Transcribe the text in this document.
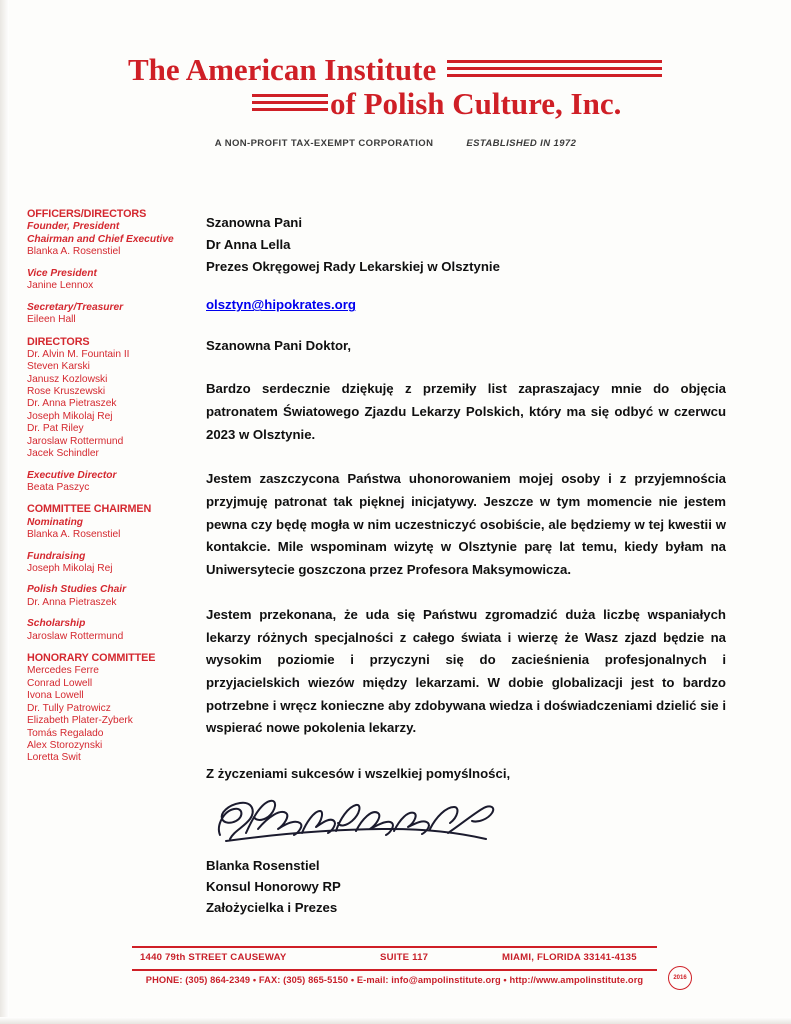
The American Institute
of Polish Culture, Inc.
A NON-PROFIT TAX-EXEMPT CORPORATION	ESTABLISHED IN 1972
OFFICERS/DIRECTORS
Founder, President
Chairman and Chief Executive
Blanka A. Rosenstiel
Vice President
Janine Lennox
Secretary/Treasurer
Eileen Hall
DIRECTORS
Dr. Alvin M. Fountain II
Steven Karski
Janusz Kozlowski
Rose Kruszewski
Dr. Anna Pietraszek
Joseph Mikolaj Rej
Dr. Pat Riley
Jaroslaw Rottermund
Jacek Schindler
Executive Director
Beata Paszyc
COMMITTEE CHAIRMEN
Nominating
Blanka A. Rosenstiel
Fundraising
Joseph Mikolaj Rej
Polish Studies Chair
Dr. Anna Pietraszek
Scholarship
Jaroslaw Rottermund
HONORARY COMMITTEE
Mercedes Ferre
Conrad Lowell
Ivona Lowell
Dr. Tully Patrowicz
Elizabeth Plater-Zyberk
Tomás Regalado
Alex Storozynski
Loretta Swit
Szanowna Pani
Dr Anna Lella
Prezes Okręgowej Rady Lekarskiej w Olsztynie
olsztyn@hipokrates.org
Szanowna Pani Doktor,

Bardzo serdecznie dziękuję z przemiły list zapraszajacy mnie do objęcia patronatem Światowego Zjazdu Lekarzy Polskich, który ma się odbyć w czerwcu 2023 w Olsztynie.

Jestem zaszczycona Państwa uhonorowaniem mojej osoby i z przyjemnościa przyjmuję patronat tak pięknej inicjatywy. Jeszcze w tym momencie nie jestem pewna czy będę mogła w nim uczestniczyć osobiście, ale będziemy w tej kwestii w kontakcie. Mile wspominam wizytę w Olsztynie parę lat temu, kiedy byłam na Uniwersytecie goszczona przez Profesora Maksymowicza.

Jestem przekonana, że uda się Państwu zgromadzić duża liczbę wspaniałych lekarzy różnych specjalności z całego świata i wierzę że Wasz zjazd będzie na wysokim poziomie i przyczyni się do zacieśnienia profesjonalnych i przyjacielskich wiezów między lekarzami. W dobie globalizacji jest to bardzo potrzebne i wręcz konieczne aby zdobywana wiedza i doświadczeniami dzielić sie i wspierać nowe pokolenia lekarzy.

Z życzeniami sukcesów i wszelkiej pomyślności,
Blanka Rosenstiel
Konsul Honorowy RP
Założycielka i Prezes
1440 79th STREET CAUSEWAY	SUITE 117	MIAMI, FLORIDA 33141-4135
PHONE: (305) 864-2349 • FAX: (305) 865-5150 • E-mail: info@ampolinstitute.org • http://www.ampolinstitute.org	2016
